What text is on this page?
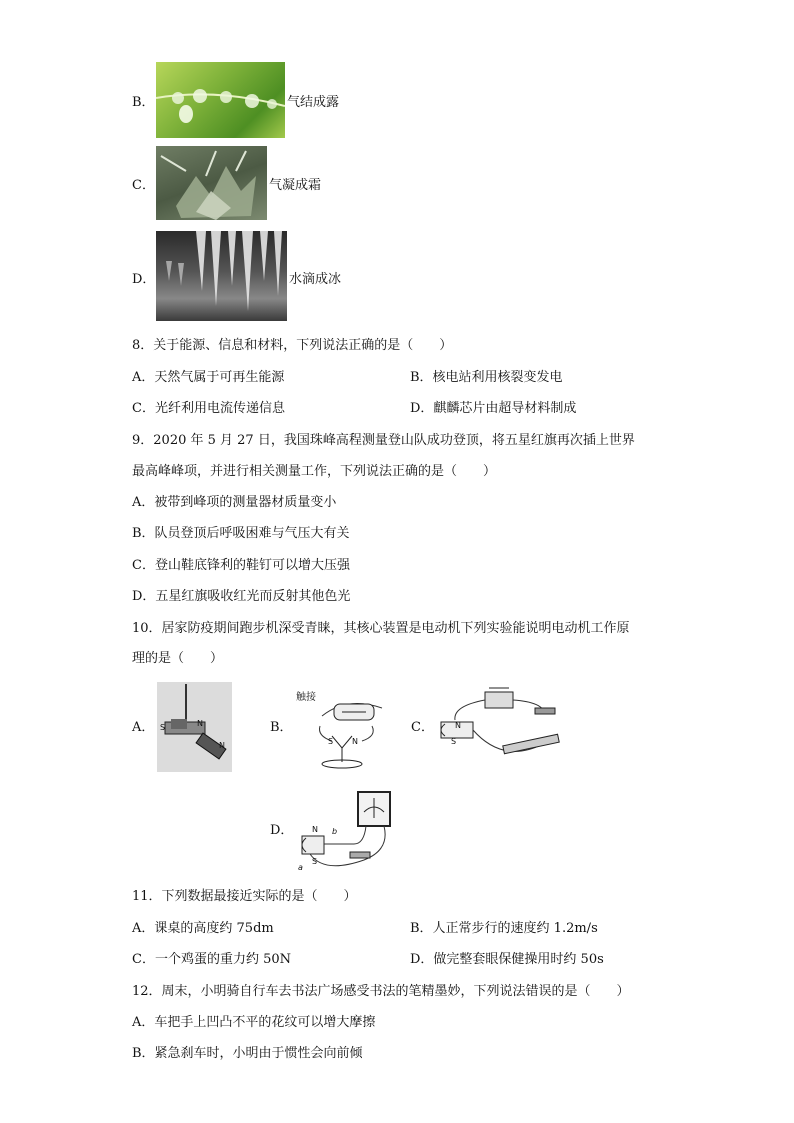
B．	气结成露
C．	气凝成霜
D．	水滴成冰
8．关于能源、信息和材料，下列说法正确的是（　　）
A．天然气属于可再生能源	B．核电站利用核裂变发电
C．光纤利用电流传递信息	D．麒麟芯片由超导材料制成
9．2020 年 5 月 27 日，我国珠峰高程测量登山队成功登顶，将五星红旗再次插上世界
最高峰峰项，并进行相关测量工作，下列说法正确的是（　　）
A．被带到峰项的测量器材质量变小
B．队员登顶后呼吸困难与气压大有关
C．登山鞋底锋利的鞋钉可以增大压强
D．五星红旗吸收红光而反射其他色光
10．居家防疫期间跑步机深受青睐，其核心装置是电动机下列实验能说明电动机工作原
理的是（　　）
A． S	N
N
B．
触接
S N
C．	N
S
D． N
S
a
b
11．下列数据最接近实际的是（　　）
A．课桌的高度约 75dm	B．人正常步行的速度约 1.2m/s
C．一个鸡蛋的重力约 50N	D．做完整套眼保健操用时约 50s
12．周末，小明骑自行车去书法广场感受书法的笔精墨妙，下列说法错误的是（　　）
A．车把手上凹凸不平的花纹可以增大摩擦
B．紧急刹车时，小明由于惯性会向前倾
